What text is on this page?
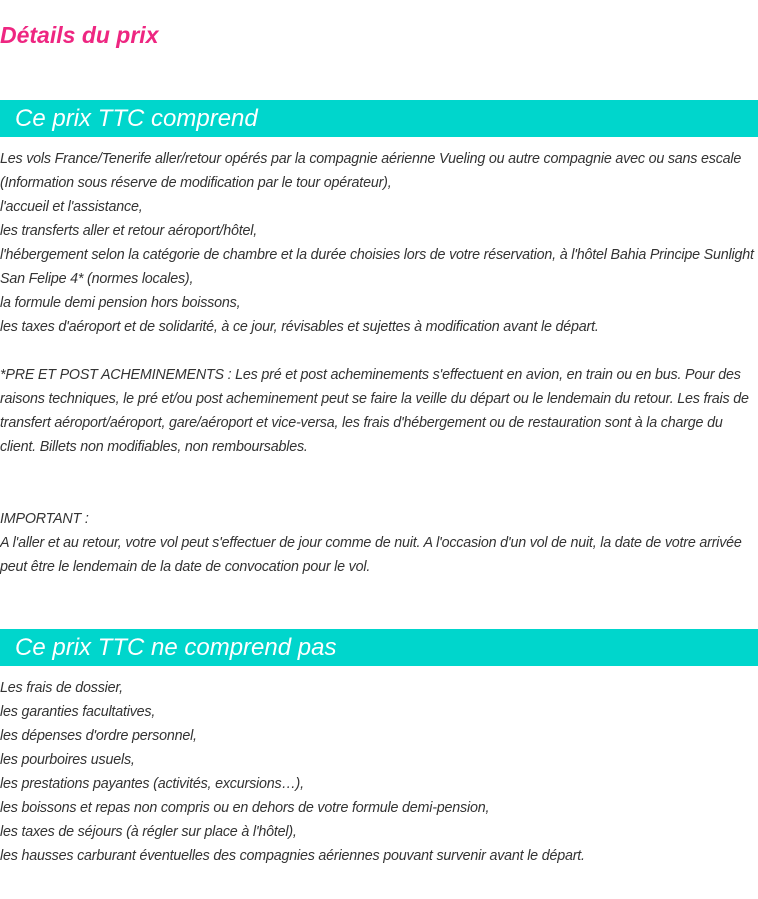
Détails du prix
Ce prix TTC comprend
Les vols France/Tenerife aller/retour opérés par la compagnie aérienne Vueling ou autre compagnie avec ou sans escale (Information sous réserve de modification par le tour opérateur),
l'accueil et l'assistance,
les transferts aller et retour aéroport/hôtel,
l'hébergement selon la catégorie de chambre et la durée choisies lors de votre réservation, à l'hôtel Bahia Principe Sunlight San Felipe 4* (normes locales),
la formule demi pension hors boissons,
les taxes d'aéroport et de solidarité, à ce jour, révisables et sujettes à modification avant le départ.
*PRE ET POST ACHEMINEMENTS : Les pré et post acheminements s'effectuent en avion, en train ou en bus. Pour des raisons techniques, le pré et/ou post acheminement peut se faire la veille du départ ou le lendemain du retour. Les frais de transfert aéroport/aéroport, gare/aéroport et vice-versa, les frais d'hébergement ou de restauration sont à la charge du client. Billets non modifiables, non remboursables.
IMPORTANT :
A l'aller et au retour, votre vol peut s'effectuer de jour comme de nuit. A l'occasion d'un vol de nuit, la date de votre arrivée peut être le lendemain de la date de convocation pour le vol.
Ce prix TTC ne comprend pas
Les frais de dossier,
les garanties facultatives,
les dépenses d'ordre personnel,
les pourboires usuels,
les prestations payantes (activités, excursions…),
les boissons et repas non compris ou en dehors de votre formule demi-pension,
les taxes de séjours (à régler sur place à l'hôtel),
les hausses carburant éventuelles des compagnies aériennes pouvant survenir avant le départ.
